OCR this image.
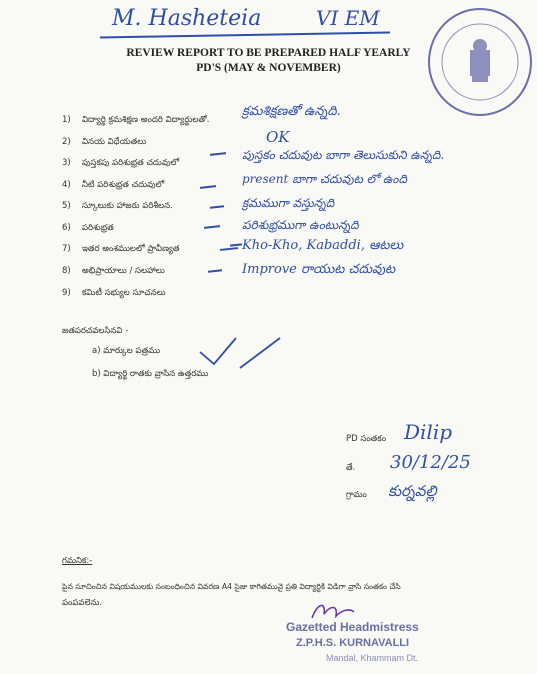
M. Hasheteia	VI EM
REVIEW REPORT TO BE PREPARED HALF YEARLY
PD'S (MAY & NOVEMBER)
1) విద్యార్థి క్రమశిక్షణ అందరి విద్యార్థులతో.
2) వినయ విధేయతలు
3) పుస్తకపు పరిశుభ్రత చదువులో
4) నీటి పరిశుభ్రత చదువులో
5) స్కూలుకు హాజరు పరిశీలన.
6) పరిశుభ్రత
7) ఇతర అంశములలో ప్రావీణ్యత
8) అభిప్రాయాలు / సలహాలు
9) కమిటీ సభ్యుల సూచనలు
క్రమశిక్షణతో ఉన్నది.
OK
పుస్తకం చదువుట బాగా తెలుసుకుని ఉన్నది.
present బాగా చదువుట లో ఉంది
క్రమముగా వస్తున్నది
పరిశుభ్రముగా ఉంటున్నది
Kho-Kho, Kabaddi, ఆటలు
Improve రాయుట చదువుట
జతపరచవలసినవి -
a) మార్కుల పత్రము
b) విద్యార్థి రాతకు వ్రాసిన ఉత్తరము
PD సంతకం Dilip
తే. 30/12/25
గ్రామం కుర్నవల్లి
గమనిక:-
పైన సూచించిన విషయములకు సంబంధించిన వివరణ A4 సైజు కాగితమునై ప్రతి విద్యార్థికి విడిగా వ్రాసి సంతకం చేసి
పంపవలెను.
Gazetted Headmistress
Z.P.H.S. KURNAVALLI
Mandal, Khammam Dt.
